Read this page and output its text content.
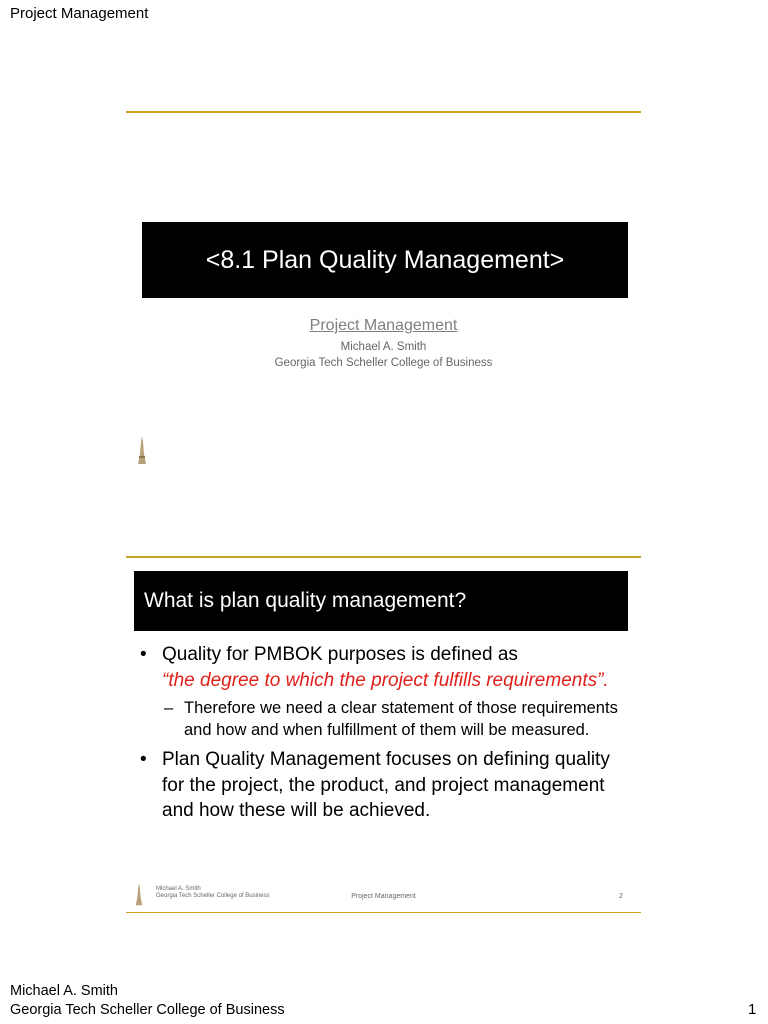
Project Management
<8.1 Plan Quality Management>
Project Management
Michael A. Smith
Georgia Tech Scheller College of Business
What is plan quality management?
• Quality for PMBOK purposes is defined as
“the degree to which the project fulfills requirements”.
– Therefore we need a clear statement of those requirements and how and when fulfillment of them will be measured.
• Plan Quality Management focuses on defining quality for the project, the product, and project management and how these will be achieved.
Michael A. Smith
Georgia Tech Scheller College of Business	Project Management	2
Michael A. Smith
Georgia Tech Scheller College of Business	1
